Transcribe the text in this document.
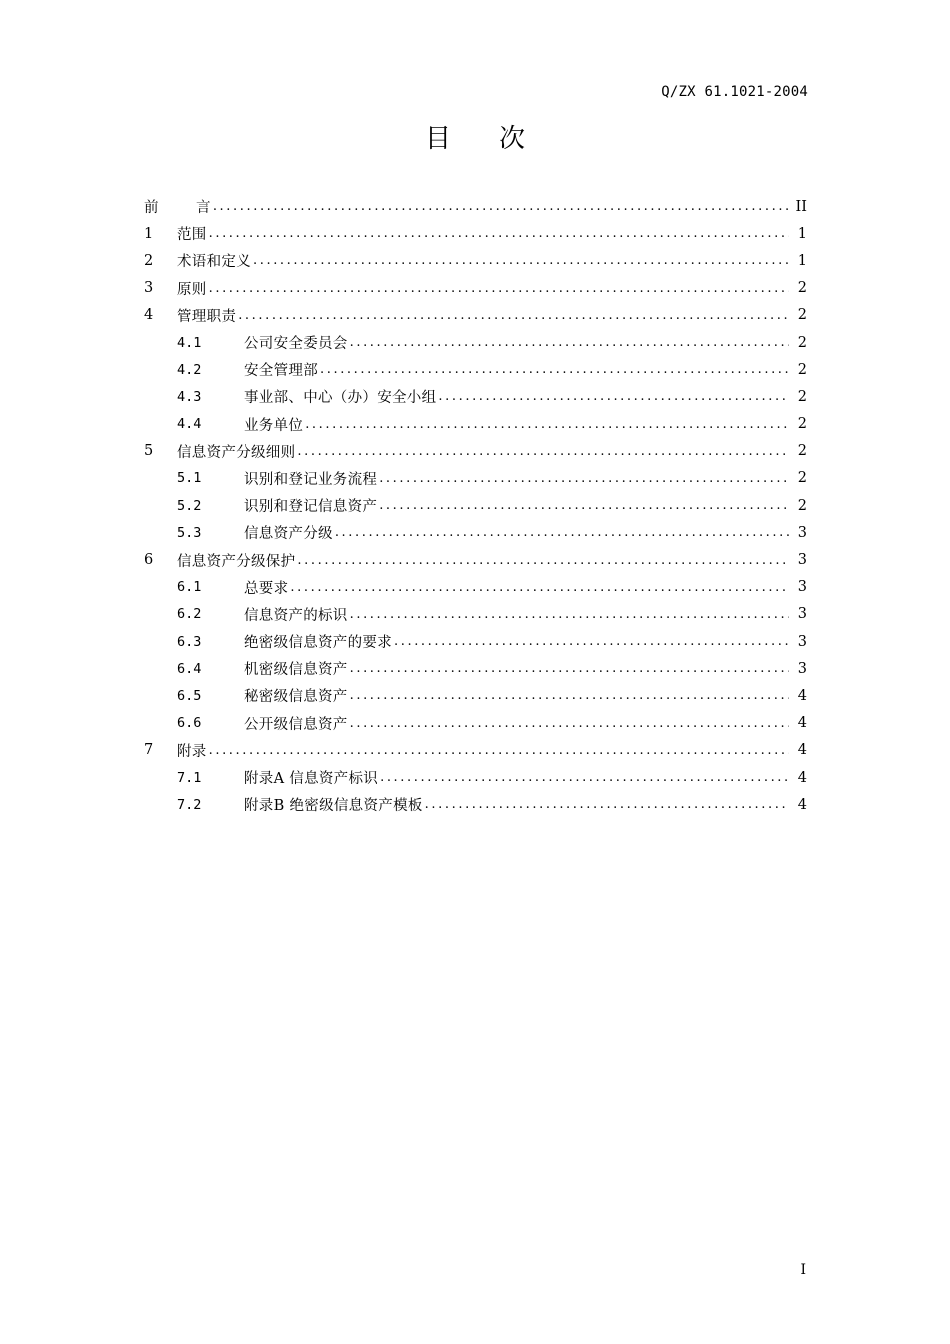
Q/ZX 61.1021-2004
目 次
前	言 .....	II
1	范围 .....	1
2	术语和定义 .....	1
3	原则 .....	2
4	管理职责 .....	2
4.1	公司安全委员会 .....	2
4.2	安全管理部 .....	2
4.3	事业部、中心（办）安全小组 .....	2
4.4	业务单位 .....	2
5	信息资产分级细则 .....	2
5.1	识别和登记业务流程 .....	2
5.2	识别和登记信息资产 .....	2
5.3	信息资产分级 .....	3
6	信息资产分级保护 .....	3
6.1	总要求 .....	3
6.2	信息资产的标识 .....	3
6.3	绝密级信息资产的要求 .....	3
6.4	机密级信息资产 .....	3
6.5	秘密级信息资产 .....	4
6.6	公开级信息资产 .....	4
7	附录 .....	4
7.1	附录A 信息资产标识 .....	4
7.2	附录B 绝密级信息资产模板 .....	4
I
